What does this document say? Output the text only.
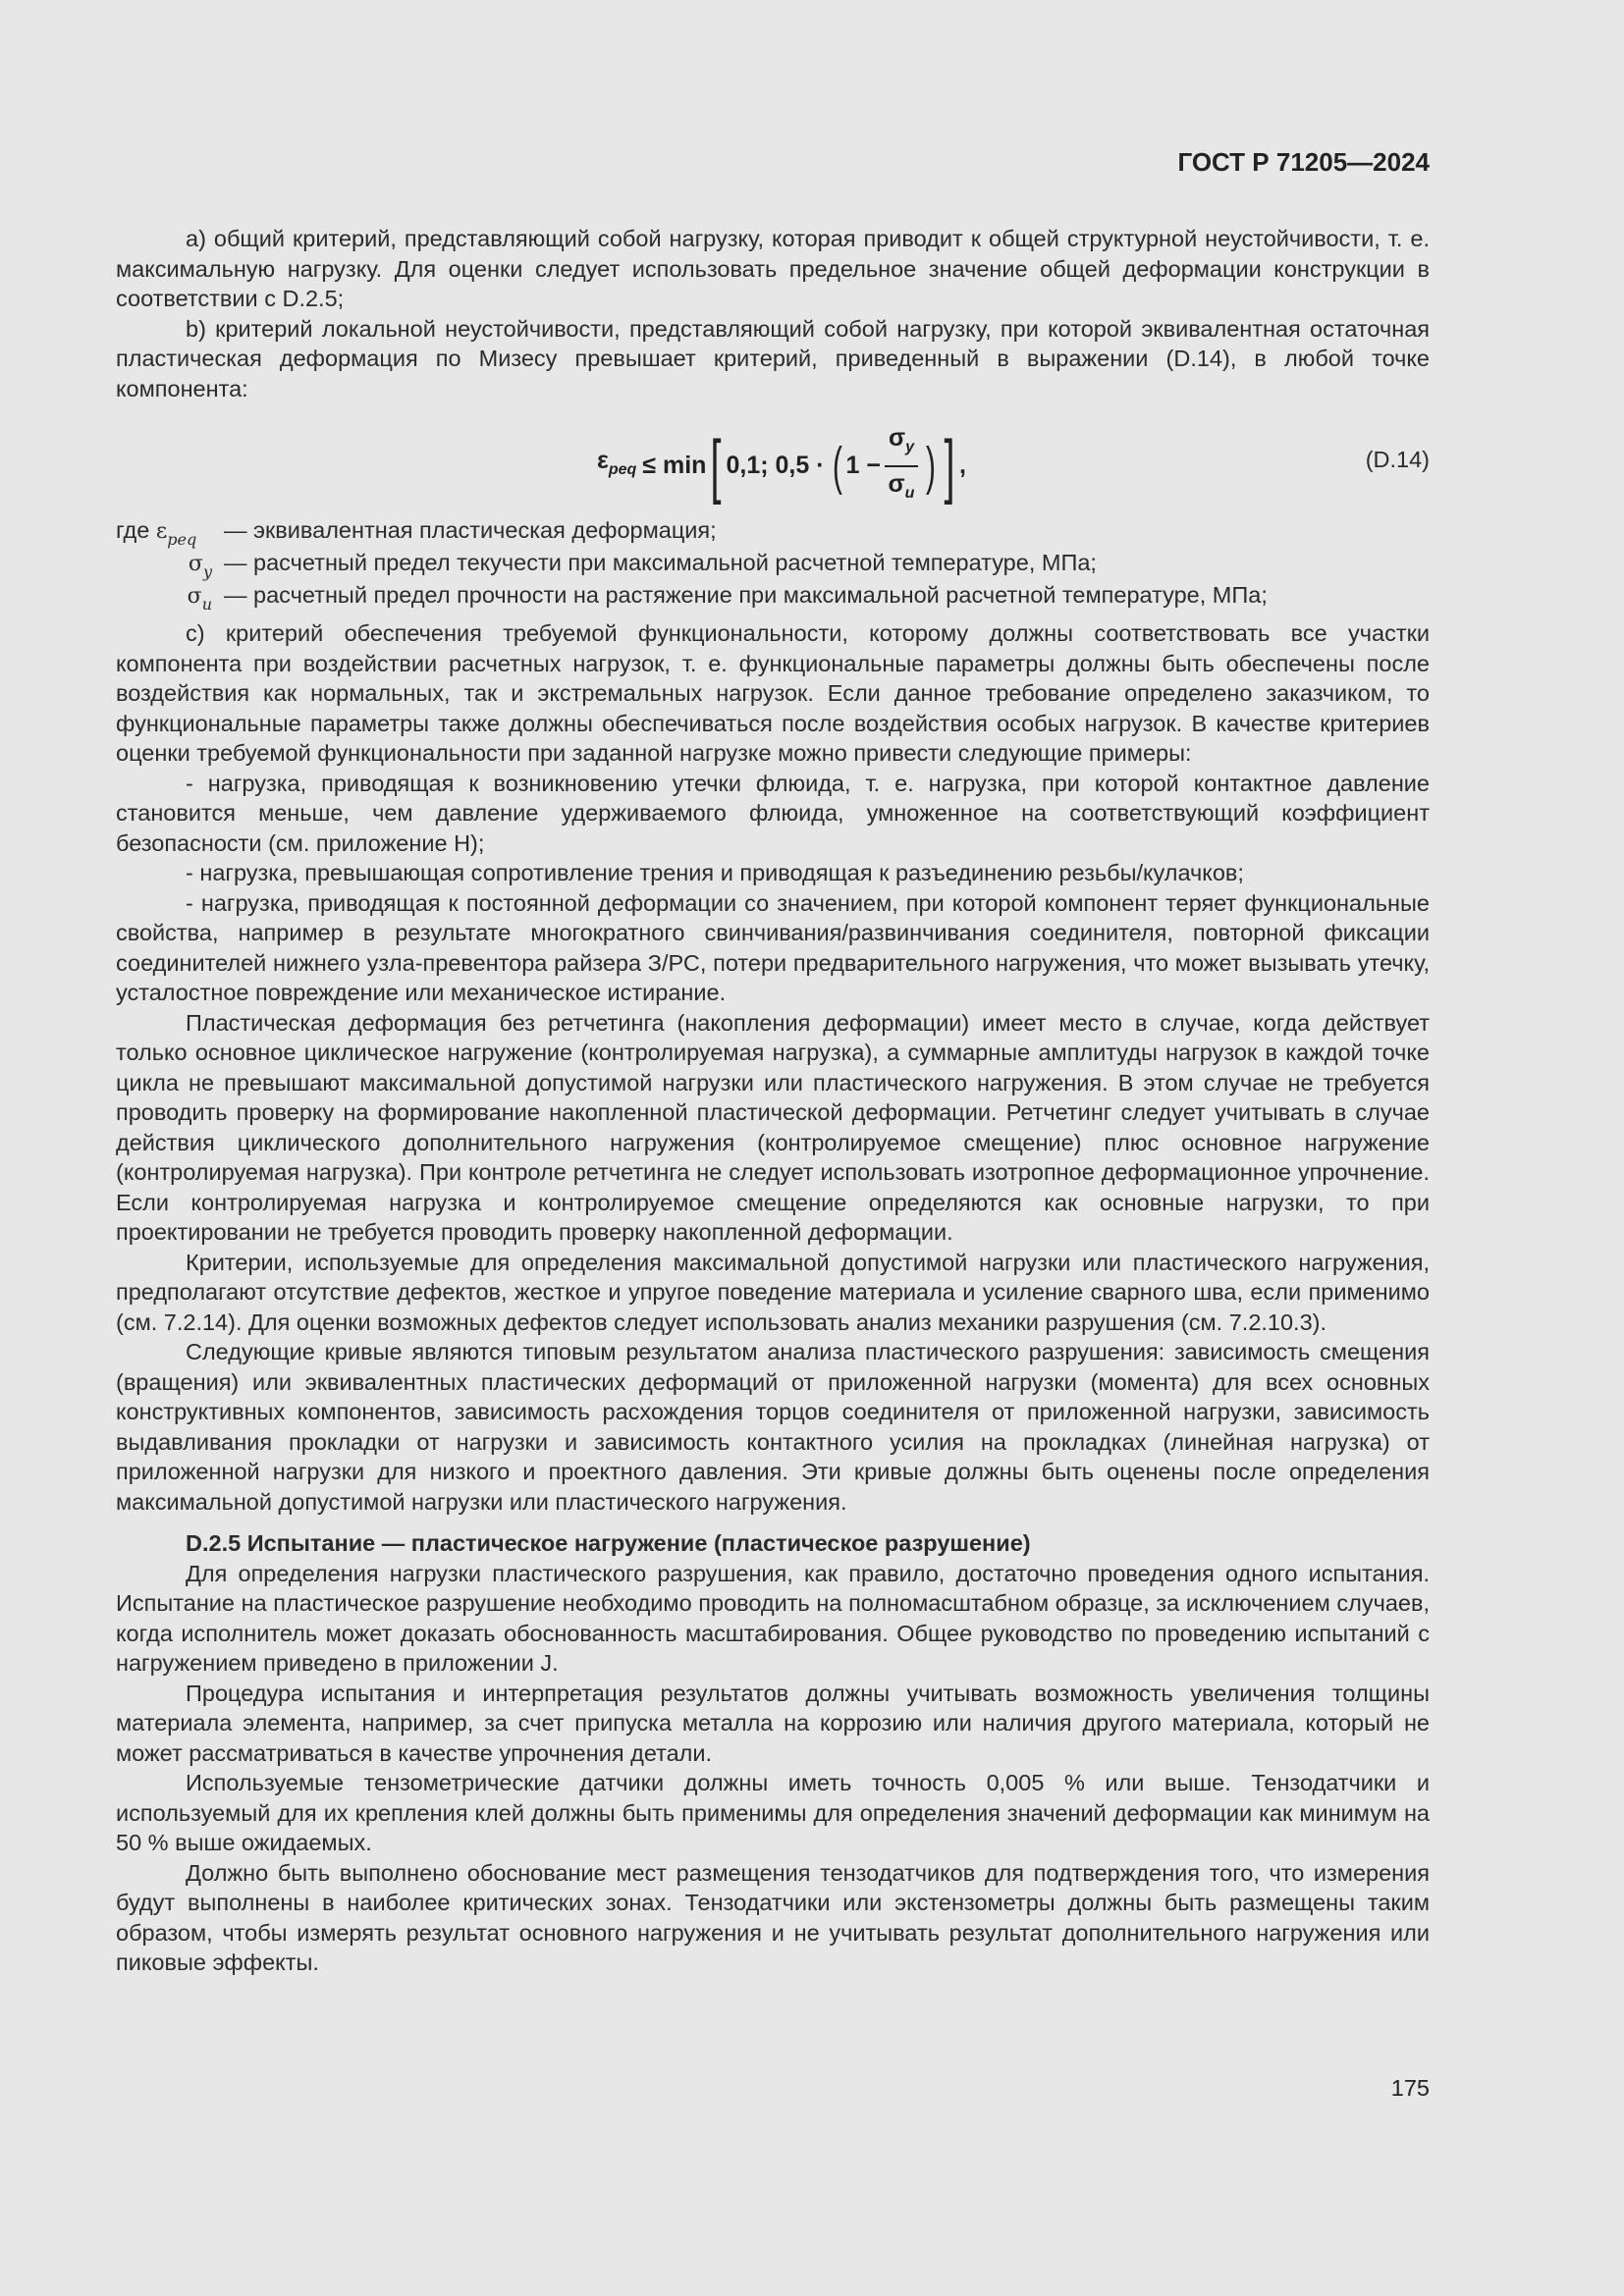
ГОСТ Р 71205—2024

a) общий критерий, представляющий собой нагрузку, которая приводит к общей структурной неустойчивости, т. е. максимальную нагрузку. Для оценки следует использовать предельное значение общей деформации конструкции в соответствии с D.2.5;

b) критерий локальной неустойчивости, представляющий собой нагрузку, при которой эквивалентная остаточная пластическая деформация по Мизесу превышает критерий, приведенный в выражении (D.14), в любой точке компонента:

$\varepsilon_{peq} \le \min$ [ 0,1; 0,5 · ( $1 - \frac{\sigma_y}{\sigma_u}$ ) ] ,	(D.14)
где $\varepsilon_{peq}$	— эквивалентная пластическая деформация;
$\sigma_y$ — расчетный предел текучести при максимальной расчетной температуре, МПа;
$\sigma_u$ — расчетный предел прочности на растяжение при максимальной расчетной температуре, МПа;

c) критерий обеспечения требуемой функциональности, которому должны соответствовать все участки компонента при воздействии расчетных нагрузок, т. е. функциональные параметры должны быть обеспечены после воздействия как нормальных, так и экстремальных нагрузок. Если данное требование определено заказчиком, то функциональные параметры также должны обеспечиваться после воздействия особых нагрузок. В качестве критериев оценки требуемой функциональности при заданной нагрузке можно привести следующие примеры:

- нагрузка, приводящая к возникновению утечки флюида, т. е. нагрузка, при которой контактное давление становится меньше, чем давление удерживаемого флюида, умноженное на соответствующий коэффициент безопасности (см. приложение H);

- нагрузка, превышающая сопротивление трения и приводящая к разъединению резьбы/кулачков;

- нагрузка, приводящая к постоянной деформации со значением, при которой компонент теряет функциональные свойства, например в результате многократного свинчивания/развинчивания соединителя, повторной фиксации соединителей нижнего узла-превентора райзера З/РС, потери предварительного нагружения, что может вызывать утечку, усталостное повреждение или механическое истирание.

Пластическая деформация без ретчетинга (накопления деформации) имеет место в случае, когда действует только основное циклическое нагружение (контролируемая нагрузка), а суммарные амплитуды нагрузок в каждой точке цикла не превышают максимальной допустимой нагрузки или пластического нагружения. В этом случае не требуется проводить проверку на формирование накопленной пластической деформации. Ретчетинг следует учитывать в случае действия циклического дополнительного нагружения (контролируемое смещение) плюс основное нагружение (контролируемая нагрузка). При контроле ретчетинга не следует использовать изотропное деформационное упрочнение. Если контролируемая нагрузка и контролируемое смещение определяются как основные нагрузки, то при проектировании не требуется проводить проверку накопленной деформации.

Критерии, используемые для определения максимальной допустимой нагрузки или пластического нагружения, предполагают отсутствие дефектов, жесткое и упругое поведение материала и усиление сварного шва, если применимо (см. 7.2.14). Для оценки возможных дефектов следует использовать анализ механики разрушения (см. 7.2.10.3).

Следующие кривые являются типовым результатом анализа пластического разрушения: зависимость смещения (вращения) или эквивалентных пластических деформаций от приложенной нагрузки (момента) для всех основных конструктивных компонентов, зависимость расхождения торцов соединителя от приложенной нагрузки, зависимость выдавливания прокладки от нагрузки и зависимость контактного усилия на прокладках (линейная нагрузка) от приложенной нагрузки для низкого и проектного давления. Эти кривые должны быть оценены после определения максимальной допустимой нагрузки или пластического нагружения.

D.2.5 Испытание — пластическое нагружение (пластическое разрушение)

Для определения нагрузки пластического разрушения, как правило, достаточно проведения одного испытания. Испытание на пластическое разрушение необходимо проводить на полномасштабном образце, за исключением случаев, когда исполнитель может доказать обоснованность масштабирования. Общее руководство по проведению испытаний с нагружением приведено в приложении J.

Процедура испытания и интерпретация результатов должны учитывать возможность увеличения толщины материала элемента, например, за счет припуска металла на коррозию или наличия другого материала, который не может рассматриваться в качестве упрочнения детали.

Используемые тензометрические датчики должны иметь точность 0,005 % или выше. Тензодатчики и используемый для их крепления клей должны быть применимы для определения значений деформации как минимум на 50 % выше ожидаемых.

Должно быть выполнено обоснование мест размещения тензодатчиков для подтверждения того, что измерения будут выполнены в наиболее критических зонах. Тензодатчики или экстензометры должны быть размещены таким образом, чтобы измерять результат основного нагружения и не учитывать результат дополнительного нагружения или пиковые эффекты.

175
